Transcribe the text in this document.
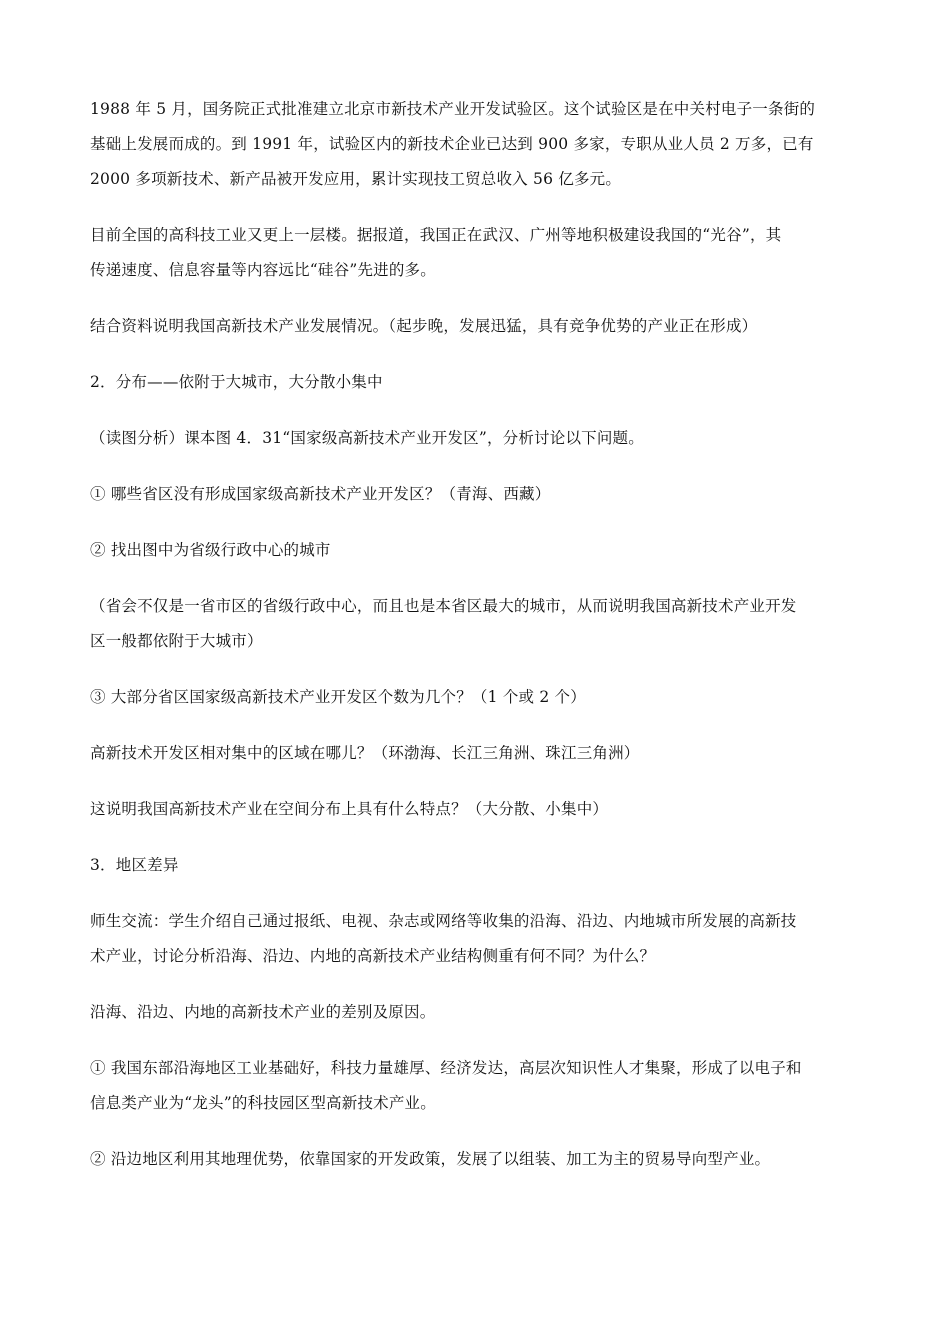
1988 年 5 月，国务院正式批准建立北京市新技术产业开发试验区。这个试验区是在中关村电子一条街的
基础上发展而成的。到 1991 年，试验区内的新技术企业已达到 900 多家，专职从业人员 2 万多，已有
2000 多项新技术、新产品被开发应用，累计实现技工贸总收入 56 亿多元。

目前全国的高科技工业又更上一层楼。据报道，我国正在武汉、广州等地积极建设我国的“光谷”，其
传递速度、信息容量等内容远比“硅谷”先进的多。

结合资料说明我国高新技术产业发展情况。（起步晚，发展迅猛，具有竞争优势的产业正在形成）

2．分布——依附于大城市，大分散小集中

（读图分析）课本图 4．31“国家级高新技术产业开发区”，分析讨论以下问题。

① 哪些省区没有形成国家级高新技术产业开发区？（青海、西藏）

② 找出图中为省级行政中心的城市

（省会不仅是一省市区的省级行政中心，而且也是本省区最大的城市，从而说明我国高新技术产业开发
区一般都依附于大城市）

③ 大部分省区国家级高新技术产业开发区个数为几个？（1 个或 2 个）

高新技术开发区相对集中的区域在哪儿？（环渤海、长江三角洲、珠江三角洲）

这说明我国高新技术产业在空间分布上具有什么特点？（大分散、小集中）

3．地区差异

师生交流：学生介绍自己通过报纸、电视、杂志或网络等收集的沿海、沿边、内地城市所发展的高新技
术产业，讨论分析沿海、沿边、内地的高新技术产业结构侧重有何不同？为什么？

沿海、沿边、内地的高新技术产业的差别及原因。

① 我国东部沿海地区工业基础好，科技力量雄厚、经济发达，高层次知识性人才集聚，形成了以电子和
信息类产业为“龙头”的科技园区型高新技术产业。

② 沿边地区利用其地理优势，依靠国家的开发政策，发展了以组装、加工为主的贸易导向型产业。
